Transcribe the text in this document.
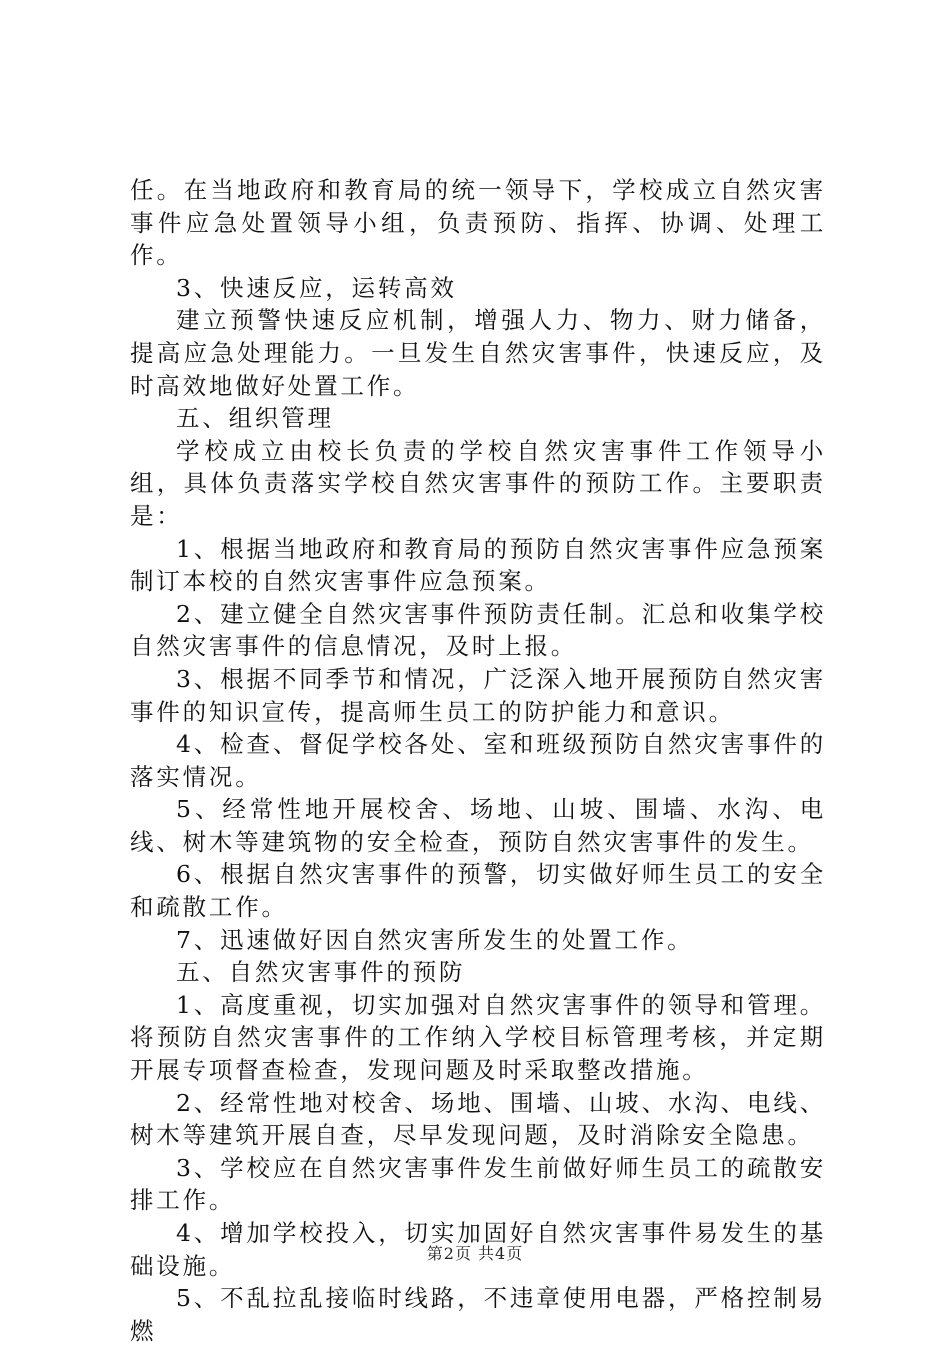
任。在当地政府和教育局的统一领导下，学校成立自然灾害事件应急处置领导小组，负责预防、指挥、协调、处理工作。

3、快速反应，运转高效

建立预警快速反应机制，增强人力、物力、财力储备，提高应急处理能力。一旦发生自然灾害事件，快速反应，及时高效地做好处置工作。

五、组织管理

学校成立由校长负责的学校自然灾害事件工作领导小组，具体负责落实学校自然灾害事件的预防工作。主要职责是：

1、根据当地政府和教育局的预防自然灾害事件应急预案制订本校的自然灾害事件应急预案。

2、建立健全自然灾害事件预防责任制。汇总和收集学校自然灾害事件的信息情况，及时上报。

3、根据不同季节和情况，广泛深入地开展预防自然灾害事件的知识宣传，提高师生员工的防护能力和意识。

4、检查、督促学校各处、室和班级预防自然灾害事件的落实情况。

5、经常性地开展校舍、场地、山坡、围墙、水沟、电线、树木等建筑物的安全检查，预防自然灾害事件的发生。

6、根据自然灾害事件的预警，切实做好师生员工的安全和疏散工作。

7、迅速做好因自然灾害所发生的处置工作。

五、自然灾害事件的预防

1、高度重视，切实加强对自然灾害事件的领导和管理。将预防自然灾害事件的工作纳入学校目标管理考核，并定期开展专项督查检查，发现问题及时采取整改措施。

2、经常性地对校舍、场地、围墙、山坡、水沟、电线、树木等建筑开展自查，尽早发现问题，及时消除安全隐患。

3、学校应在自然灾害事件发生前做好师生员工的疏散安排工作。

4、增加学校投入，切实加固好自然灾害事件易发生的基础设施。

5、不乱拉乱接临时线路，不违章使用电器，严格控制易燃

第2页 共4页
